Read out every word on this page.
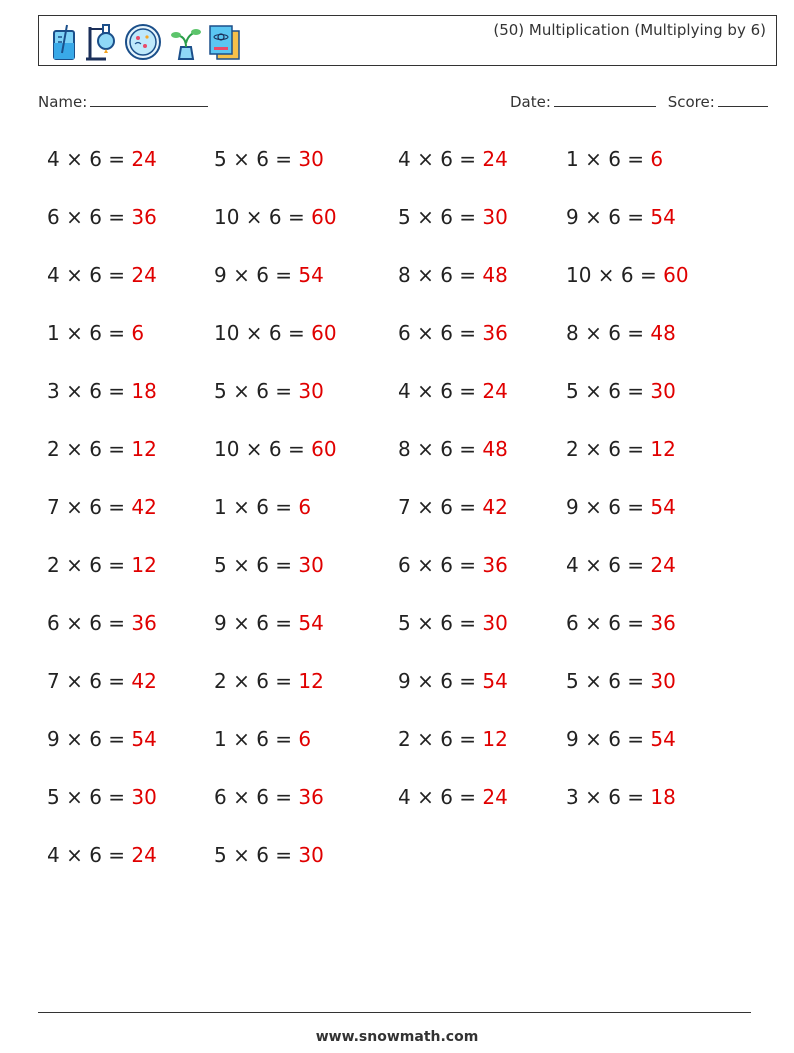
(50) Multiplication (Multiplying by 6)
Name:	Date:	Score:
4 × 6 = 24
6 × 6 = 36
4 × 6 = 24
1 × 6 = 6
3 × 6 = 18
2 × 6 = 12
7 × 6 = 42
2 × 6 = 12
6 × 6 = 36
7 × 6 = 42
9 × 6 = 54
5 × 6 = 30
4 × 6 = 24
5 × 6 = 30
10 × 6 = 60
9 × 6 = 54
10 × 6 = 60
5 × 6 = 30
10 × 6 = 60
1 × 6 = 6
5 × 6 = 30
9 × 6 = 54
2 × 6 = 12
1 × 6 = 6
6 × 6 = 36
5 × 6 = 30
4 × 6 = 24
5 × 6 = 30
8 × 6 = 48
6 × 6 = 36
4 × 6 = 24
8 × 6 = 48
7 × 6 = 42
6 × 6 = 36
5 × 6 = 30
9 × 6 = 54
2 × 6 = 12
4 × 6 = 24
1 × 6 = 6
9 × 6 = 54
10 × 6 = 60
8 × 6 = 48
5 × 6 = 30
2 × 6 = 12
9 × 6 = 54
4 × 6 = 24
6 × 6 = 36
5 × 6 = 30
9 × 6 = 54
3 × 6 = 18
www.snowmath.com
